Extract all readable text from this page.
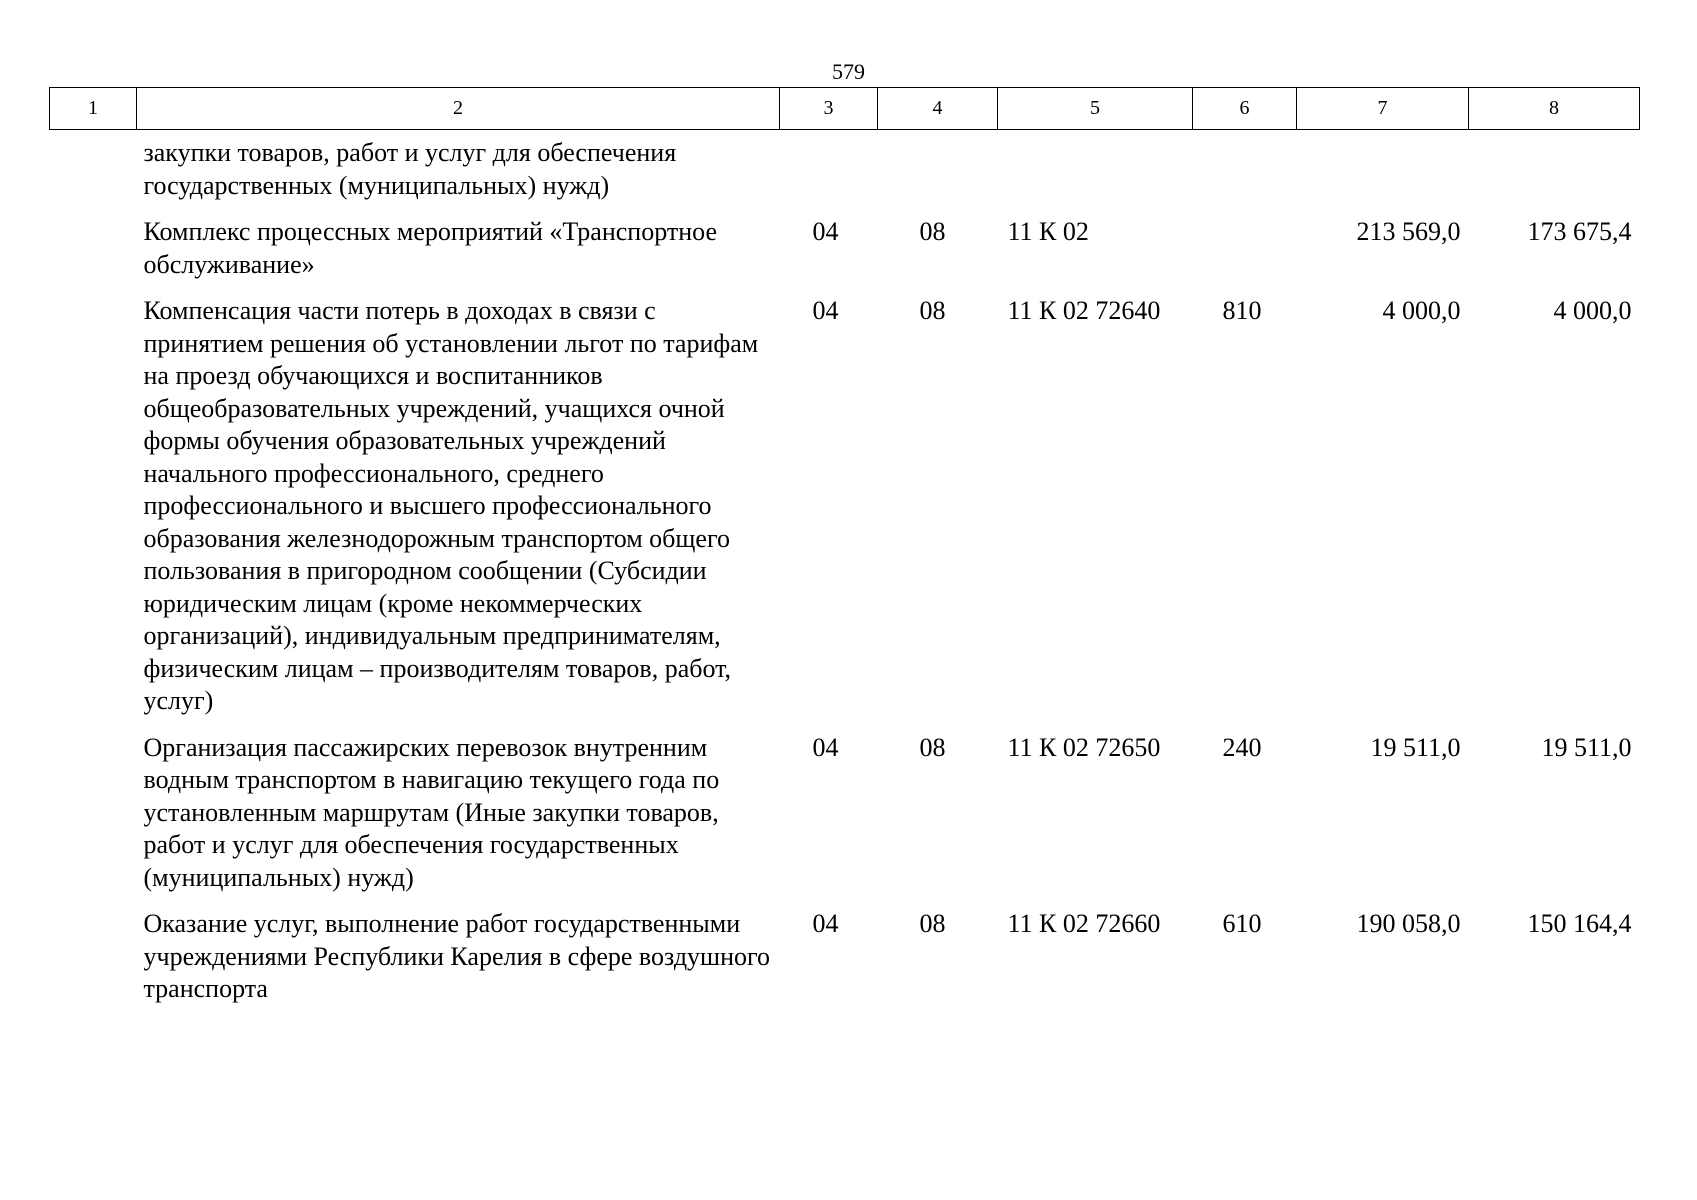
579
1	2	3	4	5	6	7	8
закупки товаров, работ и услуг для обеспечения государственных (муниципальных) нужд)							
Комплекс процессных мероприятий «Транспортное обслуживание»		04	08	11 К 02		213 569,0	173 675,4
Компенсация части потерь в доходах в связи с принятием решения об установлении льгот по тарифам на проезд обучающихся и воспитанников общеобразовательных учреждений, учащихся очной формы обучения образовательных учреждений начального профессионального, среднего профессионального и высшего профессионального образования железнодорожным транспортом общего пользования в пригородном сообщении (Субсидии юридическим лицам (кроме некоммерческих организаций), индивидуальным предпринимателям, физическим лицам – производителям товаров, работ, услуг)		04	08	11 К 02 72640	810	4 000,0	4 000,0
Организация пассажирских перевозок внутренним водным транспортом в навигацию текущего года по установленным маршрутам (Иные закупки товаров, работ и услуг для обеспечения государственных (муниципальных) нужд)		04	08	11 К 02 72650	240	19 511,0	19 511,0
Оказание услуг, выполнение работ государственными учреждениями Республики Карелия в сфере воздушного транспорта		04	08	11 К 02 72660	610	190 058,0	150 164,4
